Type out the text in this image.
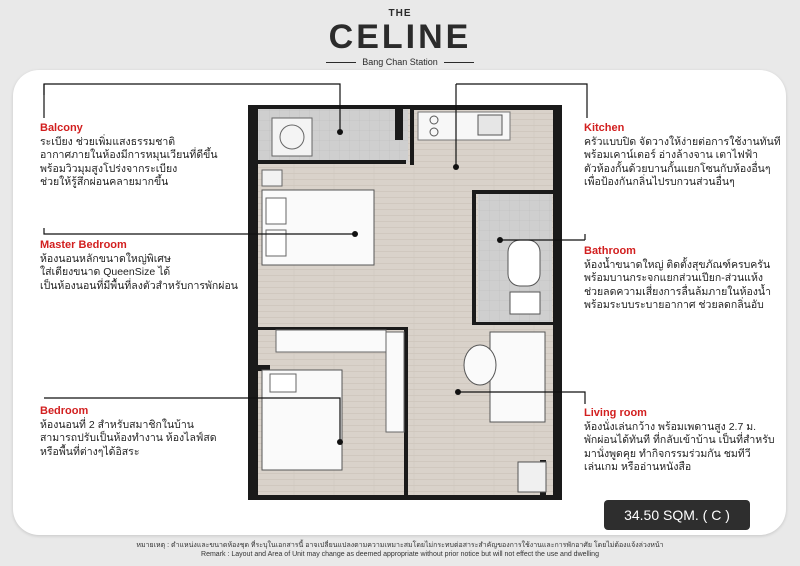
THE
CELINE
Bang Chan Station
Balcony
ระเบียง ช่วยเพิ่มแสงธรรมชาติ
อากาศภายในห้องมีการหมุนเวียนที่ดีขึ้น
พร้อมวิวมุมสูงโปร่งจากระเบียง
ช่วยให้รู้สึกผ่อนคลายมากขึ้น
Master Bedroom
ห้องนอนหลักขนาดใหญ่พิเศษ
ใส่เตียงขนาด QueenSize ได้
เป็นห้องนอนที่มีพื้นที่ลงตัวสำหรับการพักผ่อน
Bedroom
ห้องนอนที่ 2 สำหรับสมาชิกในบ้าน
สามารถปรับเป็นห้องทำงาน ห้องไลฟ์สด
หรือพื้นที่ต่างๆได้อิสระ
Kitchen
ครัวแบบปิด จัดวางให้ง่ายต่อการใช้งานทันที
พร้อมเคาน์เตอร์ อ่างล้างจาน เตาไฟฟ้า
ตัวห้องกั้นด้วยบานกั้นแยกโซนกับห้องอื่นๆ
เพื่อป้องกันกลิ่นไปรบกวนส่วนอื่นๆ
Bathroom
ห้องน้ำขนาดใหญ่ ติดตั้งสุขภัณฑ์ครบครัน
พร้อมบานกระจกแยกส่วนเปียก-ส่วนแห้ง
ช่วยลดความเสี่ยงการลื่นล้มภายในห้องน้ำ
พร้อมระบบระบายอากาศ ช่วยลดกลิ่นอับ
Living room
ห้องนั่งเล่นกว้าง พร้อมเพดานสูง 2.7 ม.
พักผ่อนได้ทันที ที่กลับเข้าบ้าน เป็นที่สำหรับ
มานั่งพูดคุย ทำกิจกรรมร่วมกัน ชมทีวี
เล่นเกม หรืออ่านหนังสือ
34.50 SQM. ( C )
หมายเหตุ : ตำแหน่งและขนาดห้องชุด ที่ระบุในเอกสารนี้ อาจเปลี่ยนแปลงตามความเหมาะสมโดยไม่กระทบต่อสาระสำคัญของการใช้งานและการพักอาศัย โดยไม่ต้องแจ้งล่วงหน้า
Remark : Layout and Area of Unit may change as deemed appropriate without prior notice but will not effect the use and dwelling
